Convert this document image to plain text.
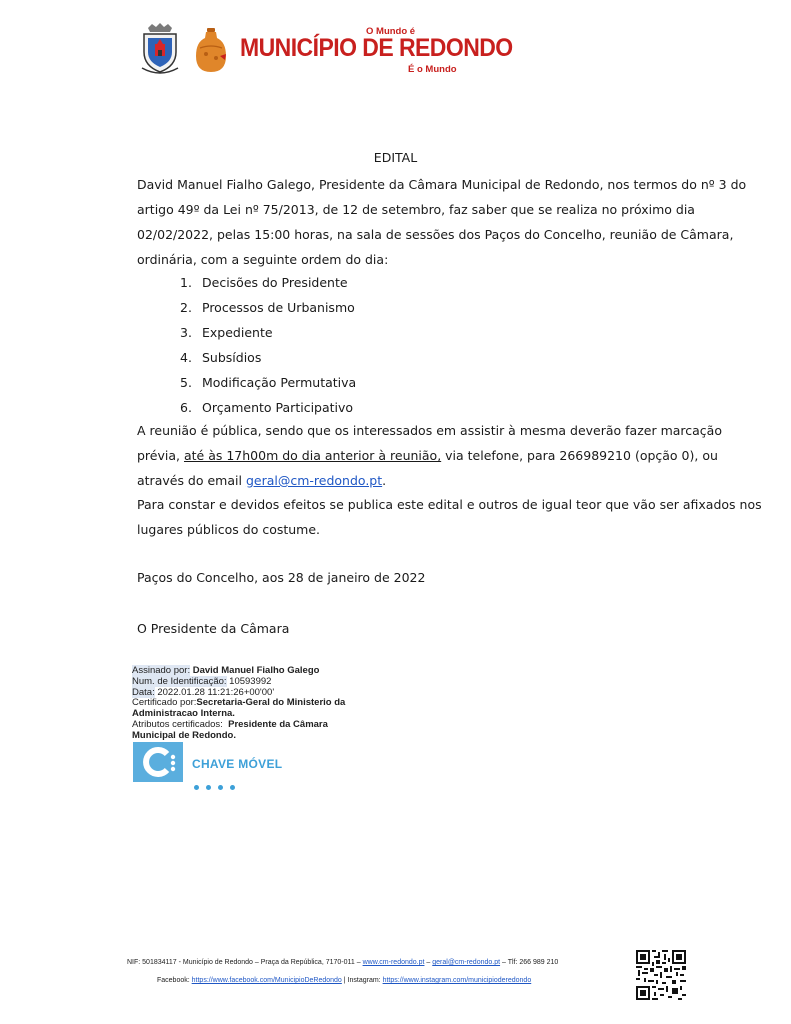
O Mundo é
MUNICÍPIO DE REDONDO
É o Mundo
EDITAL
David Manuel Fialho Galego, Presidente da Câmara Municipal de Redondo, nos termos do nº 3 do
artigo 49º da Lei nº 75/2013, de 12 de setembro, faz saber que se realiza no próximo dia
02/02/2022, pelas 15:00 horas, na sala de sessões dos Paços do Concelho, reunião de Câmara,
ordinária, com a seguinte ordem do dia:
1. Decisões do Presidente
2. Processos de Urbanismo
3. Expediente
4. Subsídios
5. Modificação Permutativa
6. Orçamento Participativo
A reunião é pública, sendo que os interessados em assistir à mesma deverão fazer marcação
prévia, até às 17h00m do dia anterior à reunião, via telefone, para 266989210 (opção 0), ou
através do email geral@cm-redondo.pt.
Para constar e devidos efeitos se publica este edital e outros de igual teor que vão ser afixados nos
lugares públicos do costume.
Paços do Concelho, aos 28 de janeiro de 2022
O Presidente da Câmara
Assinado por: David Manuel Fialho Galego
Num. de Identificação: 10593992
Data: 2022.01.28 11:21:26+00'00'
Certificado por:Secretaria-Geral do Ministerio da
Administracao Interna.
Atributos certificados: Presidente da Câmara
Municipal de Redondo.
CHAVE MÓVEL
NIF: 501834117 - Município de Redondo – Praça da República, 7170-011 – www.cm-redondo.pt – geral@cm-redondo.pt – Tlf: 266 989 210
Facebook: https://www.facebook.com/MunicipioDeRedondo | Instagram: https://www.instagram.com/municipioderedondo
